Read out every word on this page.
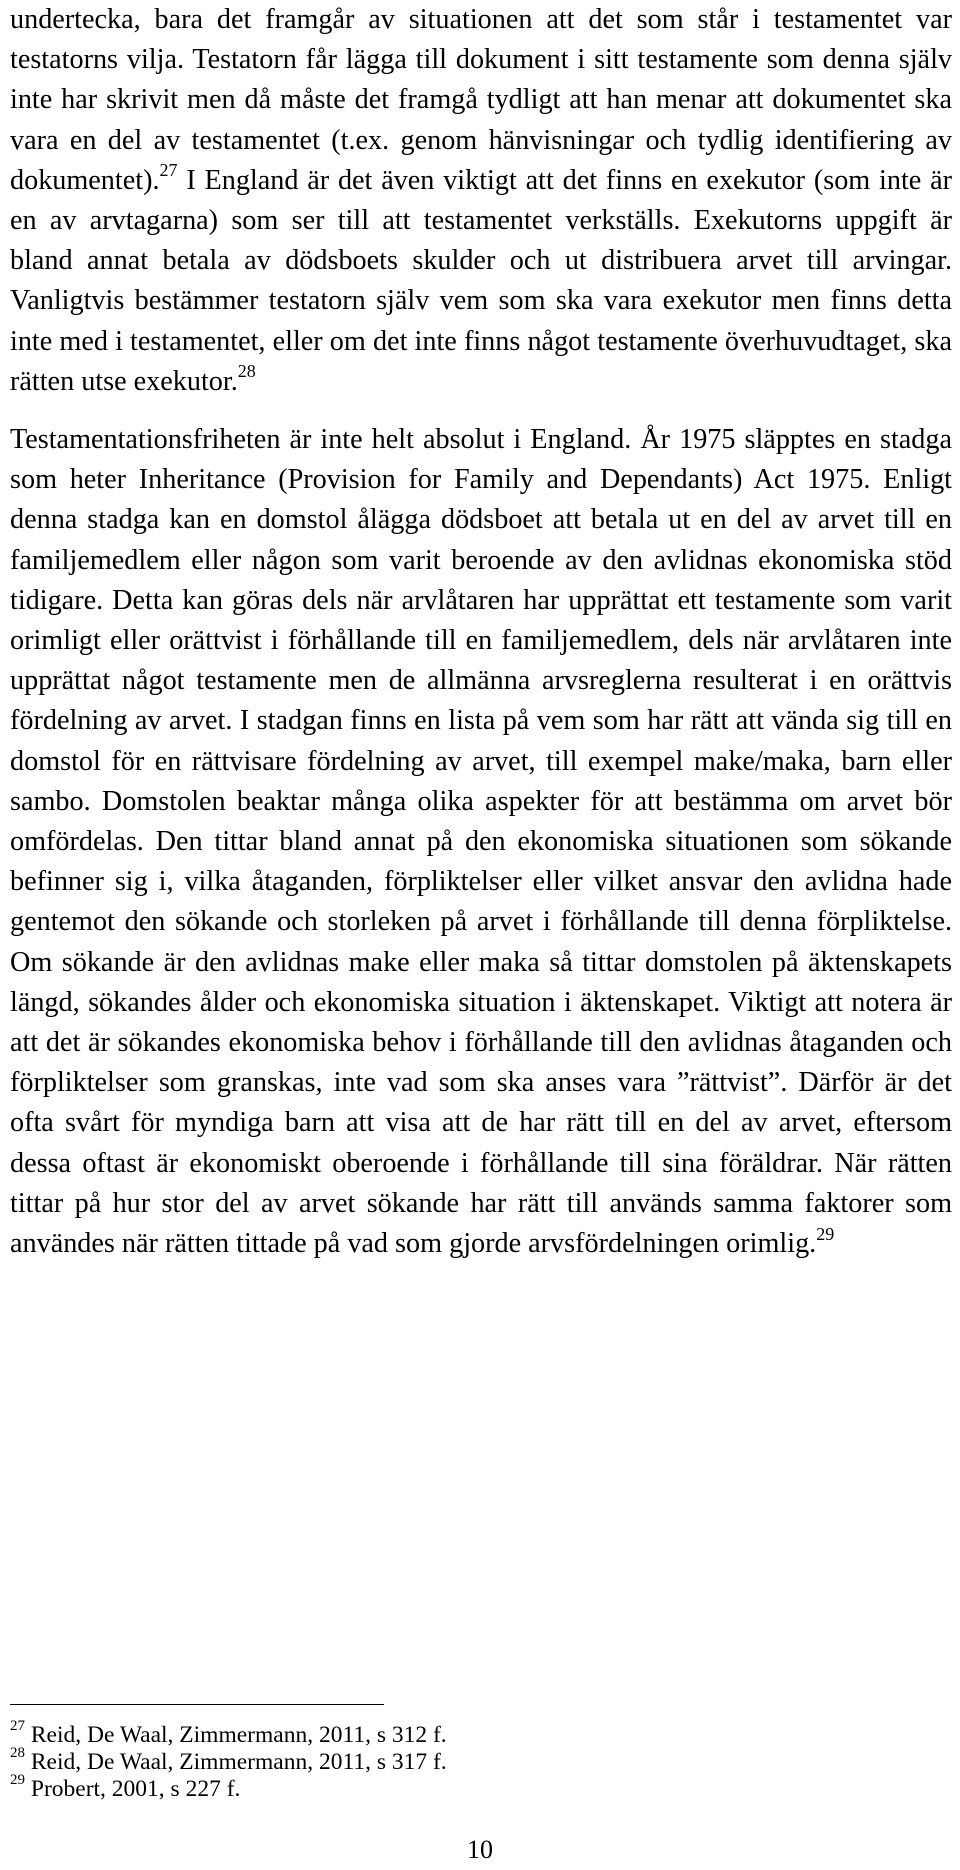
undertecka, bara det framgår av situationen att det som står i testamentet var testatorns vilja. Testatorn får lägga till dokument i sitt testamente som denna själv inte har skrivit men då måste det framgå tydligt att han menar att dokumentet ska vara en del av testamentet (t.ex. genom hänvisningar och tydlig identifiering av dokumentet).$^{27}$ I England är det även viktigt att det finns en exekutor (som inte är en av arvtagarna) som ser till att testamentet verkställs. Exekutorns uppgift är bland annat betala av dödsboets skulder och ut distribuera arvet till arvingar. Vanligtvis bestämmer testatorn själv vem som ska vara exekutor men finns detta inte med i testamentet, eller om det inte finns något testamente överhuvudtaget, ska rätten utse exekutor.$^{28}$

Testamentationsfriheten är inte helt absolut i England. År 1975 släpptes en stadga som heter Inheritance (Provision for Family and Dependants) Act 1975. Enligt denna stadga kan en domstol ålägga dödsboet att betala ut en del av arvet till en familjemedlem eller någon som varit beroende av den avlidnas ekonomiska stöd tidigare. Detta kan göras dels när arvlåtaren har upprättat ett testamente som varit orimligt eller orättvist i förhållande till en familjemedlem, dels när arvlåtaren inte upprättat något testamente men de allmänna arvsreglerna resulterat i en orättvis fördelning av arvet. I stadgan finns en lista på vem som har rätt att vända sig till en domstol för en rättvisare fördelning av arvet, till exempel make/maka, barn eller sambo. Domstolen beaktar många olika aspekter för att bestämma om arvet bör omfördelas. Den tittar bland annat på den ekonomiska situationen som sökande befinner sig i, vilka åtaganden, förpliktelser eller vilket ansvar den avlidna hade gentemot den sökande och storleken på arvet i förhållande till denna förpliktelse. Om sökande är den avlidnas make eller maka så tittar domstolen på äktenskapets längd, sökandes ålder och ekonomiska situation i äktenskapet. Viktigt att notera är att det är sökandes ekonomiska behov i förhållande till den avlidnas åtaganden och förpliktelser som granskas, inte vad som ska anses vara ”rättvist”. Därför är det ofta svårt för myndiga barn att visa att de har rätt till en del av arvet, eftersom dessa oftast är ekonomiskt oberoende i förhållande till sina föräldrar. När rätten tittar på hur stor del av arvet sökande har rätt till används samma faktorer som användes när rätten tittade på vad som gjorde arvsfördelningen orimlig.$^{29}$

$^{27}$ Reid, De Waal, Zimmermann, 2011, s 312 f.

$^{28}$ Reid, De Waal, Zimmermann, 2011, s 317 f.

$^{29}$ Probert, 2001, s 227 f.

10
